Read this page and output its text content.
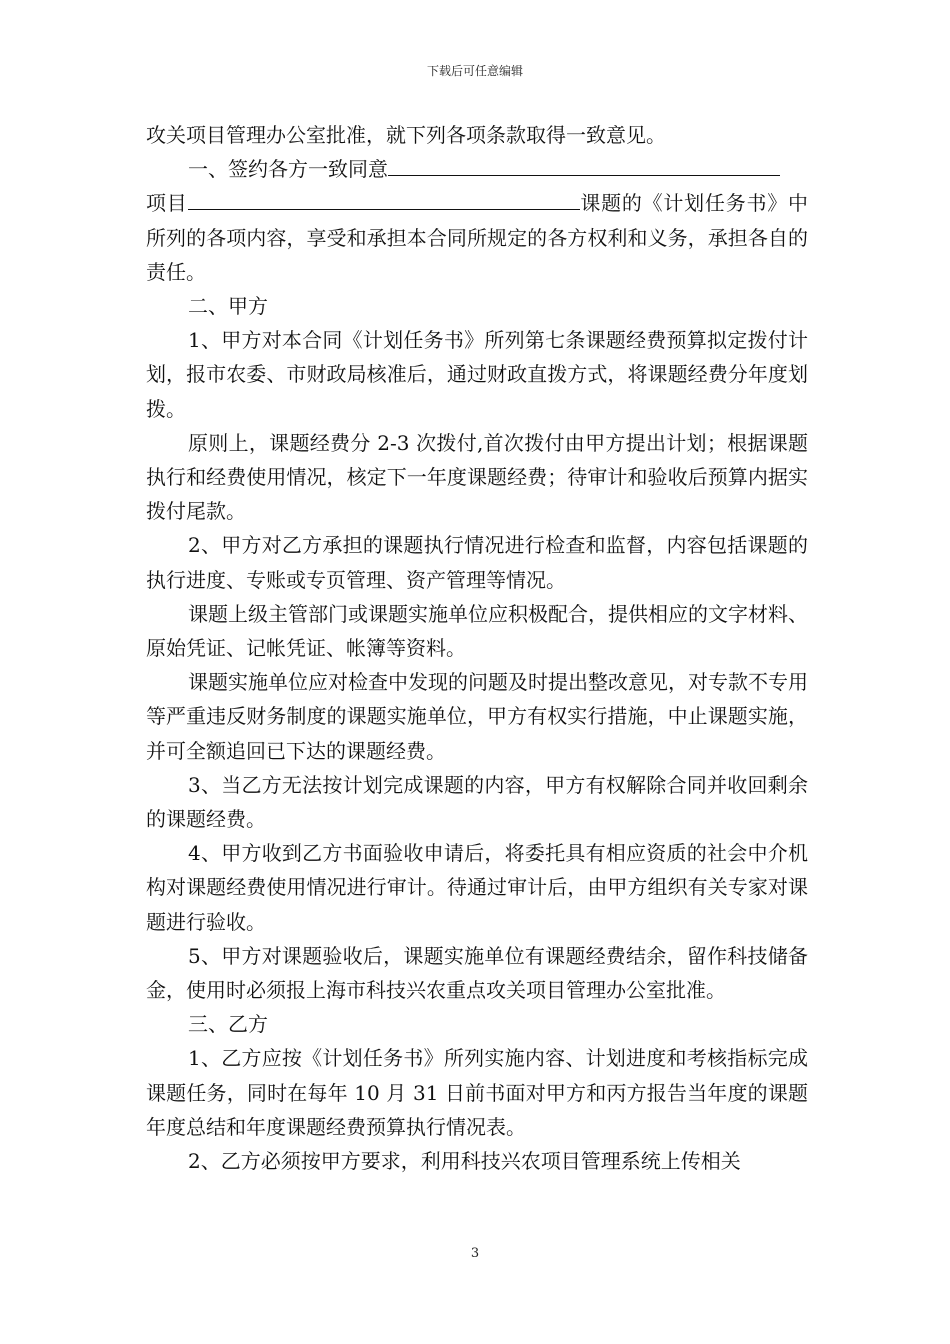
下载后可任意编辑

攻关项目管理办公室批准，就下列各项条款取得一致意见。

一、签约各方一致同意

项目	课题的《计划任务书》中所列的各项内容，享受和承担本合同所规定的各方权利和义务，承担各自的责任。

二、甲方

1、甲方对本合同《计划任务书》所列第七条课题经费预算拟定拨付计划，报市农委、市财政局核准后，通过财政直拨方式，将课题经费分年度划拨。

原则上，课题经费分 2-3 次拨付,首次拨付由甲方提出计划；根据课题执行和经费使用情况，核定下一年度课题经费；待审计和验收后预算内据实拨付尾款。

2、甲方对乙方承担的课题执行情况进行检查和监督，内容包括课题的执行进度、专账或专页管理、资产管理等情况。

课题上级主管部门或课题实施单位应积极配合，提供相应的文字材料、原始凭证、记帐凭证、帐簿等资料。

课题实施单位应对检查中发现的问题及时提出整改意见，对专款不专用等严重违反财务制度的课题实施单位，甲方有权实行措施，中止课题实施，并可全额追回已下达的课题经费。

3、当乙方无法按计划完成课题的内容，甲方有权解除合同并收回剩余的课题经费。

4、甲方收到乙方书面验收申请后，将委托具有相应资质的社会中介机构对课题经费使用情况进行审计。待通过审计后，由甲方组织有关专家对课题进行验收。

5、甲方对课题验收后，课题实施单位有课题经费结余，留作科技储备金，使用时必须报上海市科技兴农重点攻关项目管理办公室批准。

三、乙方

1、乙方应按《计划任务书》所列实施内容、计划进度和考核指标完成课题任务，同时在每年 10 月 31 日前书面对甲方和丙方报告当年度的课题年度总结和年度课题经费预算执行情况表。

2、乙方必须按甲方要求，利用科技兴农项目管理系统上传相关

3
